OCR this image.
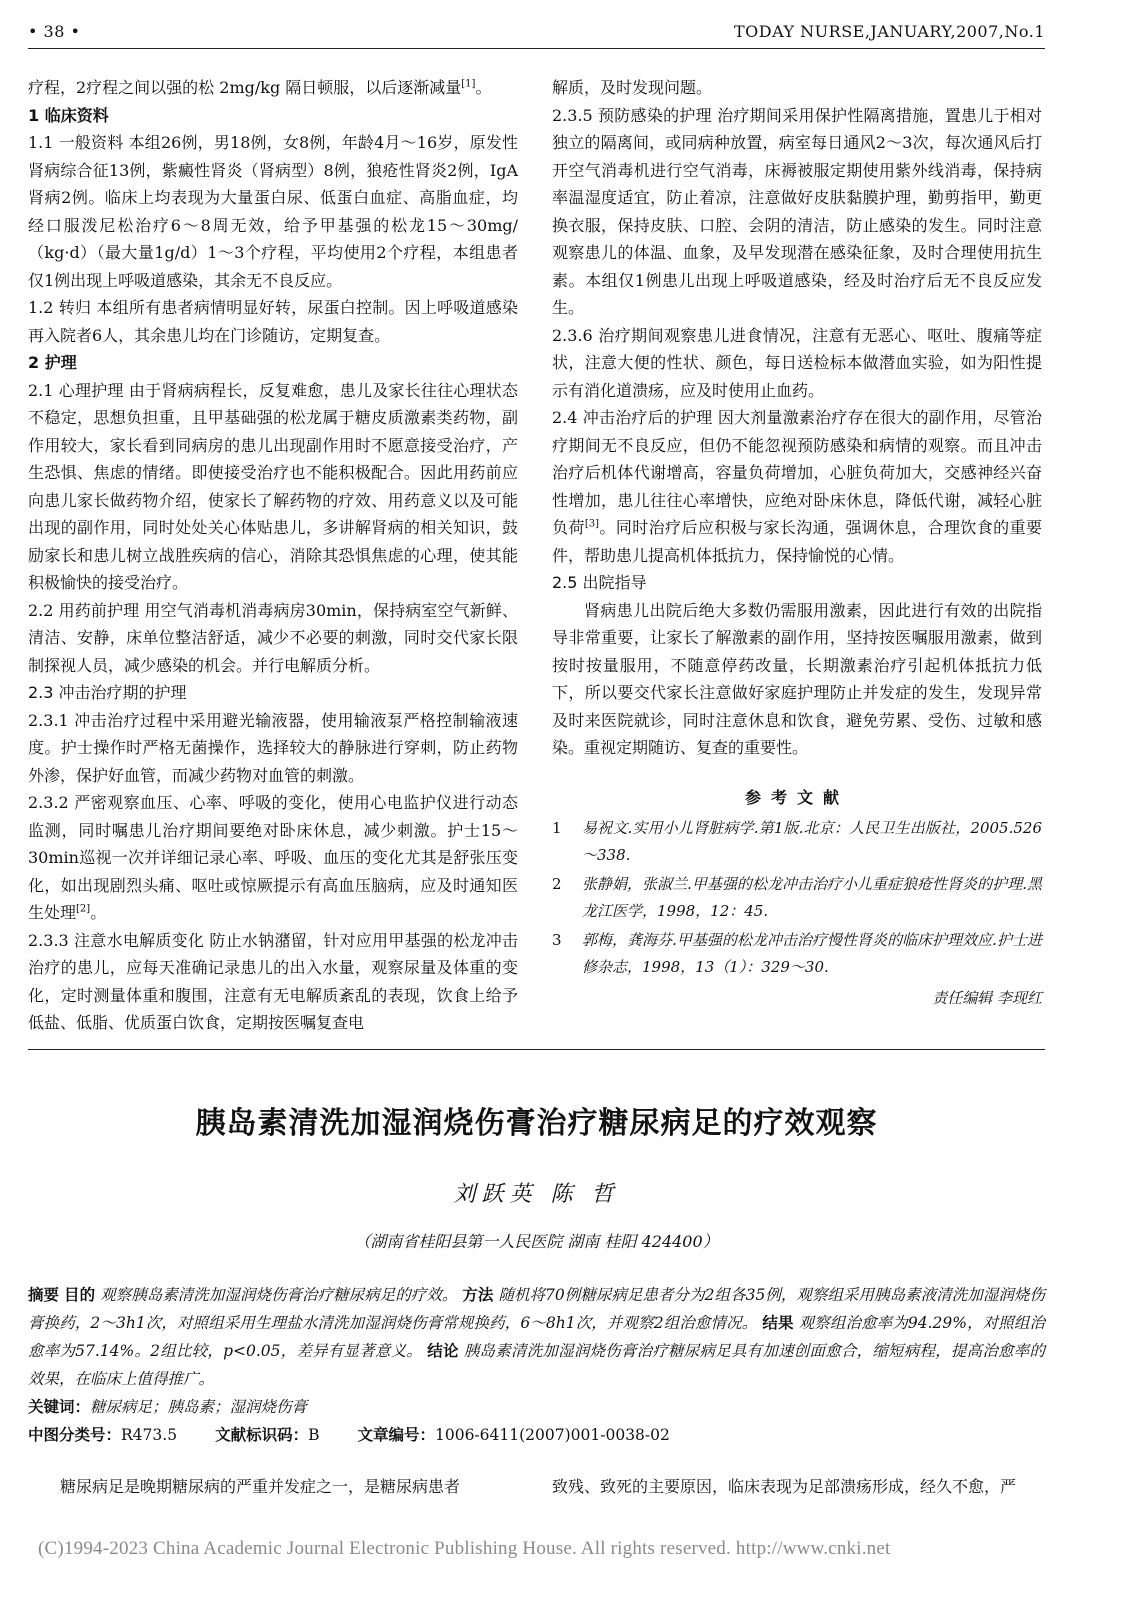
• 38 •	TODAY NURSE,JANUARY,2007,No.1

疗程，2疗程之间以强的松 2mg/kg 隔日顿服，以后逐渐减量[1]。

1 临床资料

1.1 一般资料 本组26例，男18例，女8例，年龄4月～16岁，原发性肾病综合征13例，紫癜性肾炎（肾病型）8例，狼疮性肾炎2例，IgA肾病2例。临床上均表现为大量蛋白尿、低蛋白血症、高脂血症，均经口服泼尼松治疗6～8周无效，给予甲基强的松龙15～30mg/（kg·d）（最大量1g/d）1～3个疗程，平均使用2个疗程，本组患者仅1例出现上呼吸道感染，其余无不良反应。

1.2 转归 本组所有患者病情明显好转，尿蛋白控制。因上呼吸道感染再入院者6人，其余患儿均在门诊随访，定期复查。

2 护理

2.1 心理护理 由于肾病病程长，反复难愈，患儿及家长往往心理状态不稳定，思想负担重，且甲基础强的松龙属于糖皮质激素类药物，副作用较大，家长看到同病房的患儿出现副作用时不愿意接受治疗，产生恐惧、焦虑的情绪。即使接受治疗也不能积极配合。因此用药前应向患儿家长做药物介绍，使家长了解药物的疗效、用药意义以及可能出现的副作用，同时处处关心体贴患儿，多讲解肾病的相关知识，鼓励家长和患儿树立战胜疾病的信心，消除其恐惧焦虑的心理，使其能积极愉快的接受治疗。

2.2 用药前护理 用空气消毒机消毒病房30min，保持病室空气新鲜、清洁、安静，床单位整洁舒适，减少不必要的刺激，同时交代家长限制探视人员，减少感染的机会。并行电解质分析。

2.3 冲击治疗期的护理

2.3.1 冲击治疗过程中采用避光输液器，使用输液泵严格控制输液速度。护士操作时严格无菌操作，选择较大的静脉进行穿刺，防止药物外渗，保护好血管，而减少药物对血管的刺激。

2.3.2 严密观察血压、心率、呼吸的变化，使用心电监护仪进行动态监测，同时嘱患儿治疗期间要绝对卧床休息，减少刺激。护士15～30min巡视一次并详细记录心率、呼吸、血压的变化尤其是舒张压变化，如出现剧烈头痛、呕吐或惊厥提示有高血压脑病，应及时通知医生处理[2]。

2.3.3 注意水电解质变化 防止水钠潴留，针对应用甲基强的松龙冲击治疗的患儿，应每天准确记录患儿的出入水量，观察尿量及体重的变化，定时测量体重和腹围，注意有无电解质紊乱的表现，饮食上给予低盐、低脂、优质蛋白饮食，定期按医嘱复查电

解质，及时发现问题。

2.3.5 预防感染的护理 治疗期间采用保护性隔离措施，置患儿于相对独立的隔离间，或同病种放置，病室每日通风2～3次，每次通风后打开空气消毒机进行空气消毒，床褥被服定期使用紫外线消毒，保持病率温湿度适宜，防止着凉，注意做好皮肤黏膜护理，勤剪指甲，勤更换衣服，保持皮肤、口腔、会阴的清洁，防止感染的发生。同时注意观察患儿的体温、血象，及早发现潜在感染征象，及时合理使用抗生素。本组仅1例患儿出现上呼吸道感染，经及时治疗后无不良反应发生。

2.3.6 治疗期间观察患儿进食情况，注意有无恶心、呕吐、腹痛等症状，注意大便的性状、颜色，每日送检标本做潜血实验，如为阳性提示有消化道溃疡，应及时使用止血药。

2.4 冲击治疗后的护理 因大剂量激素治疗存在很大的副作用，尽管治疗期间无不良反应，但仍不能忽视预防感染和病情的观察。而且冲击治疗后机体代谢增高，容量负荷增加，心脏负荷加大，交感神经兴奋性增加，患儿往往心率增快，应绝对卧床休息，降低代谢，减轻心脏负荷[3]。同时治疗后应积极与家长沟通，强调休息，合理饮食的重要件，帮助患儿提高机体抵抗力，保持愉悦的心情。

2.5 出院指导

肾病患儿出院后绝大多数仍需服用激素，因此进行有效的出院指导非常重要，让家长了解激素的副作用，坚持按医嘱服用激素，做到按时按量服用，不随意停药改量，长期激素治疗引起机体抵抗力低下，所以要交代家长注意做好家庭护理防止并发症的发生，发现异常及时来医院就诊，同时注意休息和饮食，避免劳累、受伤、过敏和感染。重视定期随访、复查的重要性。

参考文献

1	易祝文.实用小儿肾脏病学.第1版.北京：人民卫生出版社，2005.526～338.
2	张静娟，张淑兰.甲基强的松龙冲击治疗小儿重症狼疮性肾炎的护理.黑龙江医学，1998，12：45.
3	郭梅，龚海芬.甲基强的松龙冲击治疗慢性肾炎的临床护理效应.护士进修杂志，1998，13（1）：329～30.

责任编辑 李现红

胰岛素清洗加湿润烧伤膏治疗糖尿病足的疗效观察
刘跃英 陈 哲
（湖南省桂阳县第一人民医院 湖南 桂阳 424400）

摘要 目的 观察胰岛素清洗加湿润烧伤膏治疗糖尿病足的疗效。 方法 随机将70例糖尿病足患者分为2组各35例，观察组采用胰岛素液清洗加湿润烧伤膏换药，2～3h1次，对照组采用生理盐水清洗加湿润烧伤膏常规换药，6～8h1次，并观察2组治愈情况。 结果 观察组治愈率为94.29%，对照组治愈率为57.14%。2组比较，p<0.05，差异有显著意义。 结论 胰岛素清洗加湿润烧伤膏治疗糖尿病足具有加速创面愈合，缩短病程，提高治愈率的效果，在临床上值得推广。

关键词：糖尿病足；胰岛素；湿润烧伤膏

中图分类号：R473.5 文献标识码：B 文章编号：1006-6411(2007)001-0038-02

糖尿病足是晚期糖尿病的严重并发症之一，是糖尿病患者	致残、致死的主要原因，临床表现为足部溃疡形成，经久不愈，严
(C)1994-2023 China Academic Journal Electronic Publishing House. All rights reserved. http://www.cnki.net
